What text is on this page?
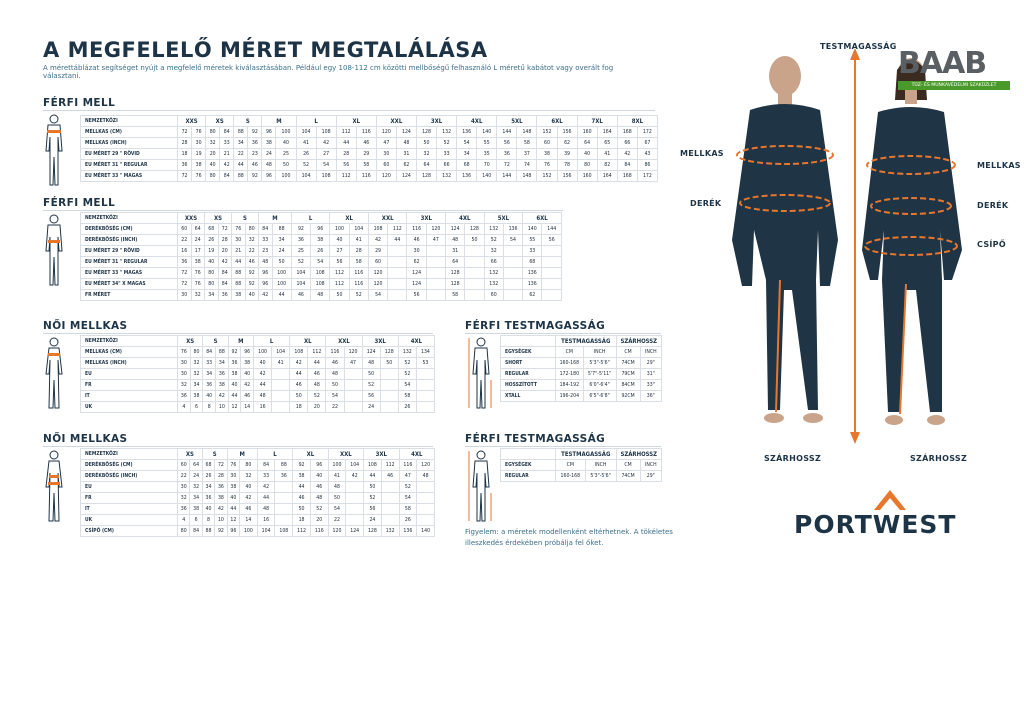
A MEGFELELŐ MÉRET MEGTALÁLÁSA
A mérettáblázat segítséget nyújt a megfelelő méretek kiválasztásában. Például egy 108-112 cm közötti mellbőségű felhasználó L méretű kabátot vagy overált fog választani.
FÉRFI MELL
FÉRFI MELL
NŐI MELLKAS
NŐI MELLKAS
FÉRFI TESTMAGASSÁG
FÉRFI TESTMAGASSÁG
NEMZETKÖZI	XXS		XS		S		M		L		XL		XXL		3XL		4XL		5XL		6XL		7XL		8XL	
MELLKAS (CM)	72	76	80	84	88	92	96	100	104	108	112	116	120	124	128	132	136	140	144	148	152	156	160	164	168	172
MELLKAS (INCH)	28	30	32	33	34	36	38	40	41	42	44	46	47	48	50	52	54	55	56	58	60	62	64	65	66	67
EU MÉRET 29 " RÖVID	18	19	20	21	22	23	24	25	26	27	28	29	30	31	32	33	34	35	36	37	38	39	40	41	42	43
EU MÉRET 31 " REGULAR	36	38	40	42	44	46	48	50	52	54	56	58	60	62	64	66	68	70	72	74	76	78	80	82	84	86
EU MÉRET 33 " MAGAS	72	76	80	84	88	92	96	100	104	108	112	116	120	124	128	132	136	140	144	148	152	156	160	164	168	172
NEMZETKÖZI	XXS		XS		S		M		L		XL		XXL		3XL		4XL		5XL		6XL	
DERÉKBŐSÉG (CM)	60	64	68	72	76	80	84	88	92	96	100	104	108	112	116	120	124	128	132	136	140	144
DERÉKBŐSÉG (INCH)	22	24	26	28	30	32	33	34	36	38	40	41	42	44	46	47	48	50	52	54	55	56
EU MÉRET 29 " RÖVID	16	17	19	20	21	22	23	24	25	26	27	28	29		30		31		32		33	
EU MÉRET 31 " REGULAR	36	38	40	42	44	46	48	50	52	54	56	58	60		62		64		66		68	
EU MÉRET 33 " MAGAS	72	76	80	84	88	92	96	100	104	108	112	116	120		124		128		132		136	
EU MÉRET 34" X MAGAS	72	76	80	84	88	92	96	100	104	108	112	116	120		124		128		132		136	
FR MÉRET	30	32	34	36	38	40	42	44	46	48	50	52	54		56		58		60		62	
NEMZETKÖZI	XS		S		M		L		XL		XXL		3XL		4XL	
MELLKAS (CM)	76	80	84	88	92	96	100	104	108	112	116	120	124	128	132	134
MELLKAS (INCH)	30	32	33	34	36	38	40	41	42	44	46	47	48	50	52	53
EU	30	32	34	36	38	40	42		44	46	48		50		52	
FR	32	34	36	38	40	42	44		46	48	50		52		54	
IT	36	38	40	42	44	46	48		50	52	54		56		58	
UK	4	6	8	10	12	14	16		18	20	22		24		26	
NEMZETKÖZI	XS		S		M		L		XL		XXL		3XL		4XL	
DERÉKBŐSÉG (CM)	60	64	68	72	76	80	84	88	92	96	100	104	108	112	116	120
DERÉKBŐSÉG (INCH)	22	24	26	28	30	32	33	36	38	40	41	42	44	46	47	48
EU	30	32	34	36	38	40	42		44	46	48		50		52	
FR	32	34	36	38	40	42	44		46	48	50		52		54	
IT	36	38	40	42	44	46	48		50	52	54		56		58	
UK	4	6	8	10	12	14	16		18	20	22		24		26	
CSÍPŐ (CM)	80	84	88	92	96	100	104	108	112	116	120	124	128	132	136	140
	TESTMAGASSÁG		SZÁRHOSSZ	
EGYSÉGEK	CM	INCH	CM	INCH
SHORT	160-168	5'3"-5'6"	74CM	29"
REGULAR	172-180	5'7"-5'11"	79CM	31"
HOSSZÍTOTT	184-192	6'0"-6'4"	84CM	33"
XTALL	196-204	6'5"-6'8"	92CM	36"
	TESTMAGASSÁG		SZÁRHOSSZ	
EGYSÉGEK	CM	INCH	CM	INCH
REGULAR	160-168	5'3"-5'6"	74CM	29"
Figyelem: a méretek modellenként eltérhetnek. A tökéletes illeszkedés érdekében próbálja fel őket.
TESTMAGASSÁG
MELLKAS
DERÉK
MELLKAS
DERÉK
CSÍPŐ
SZÁRHOSSZ	SZÁRHOSSZ
PORTWEST
BAAB
TŰZ- ÉS MUNKAVÉDELMI SZAKÜZLET
